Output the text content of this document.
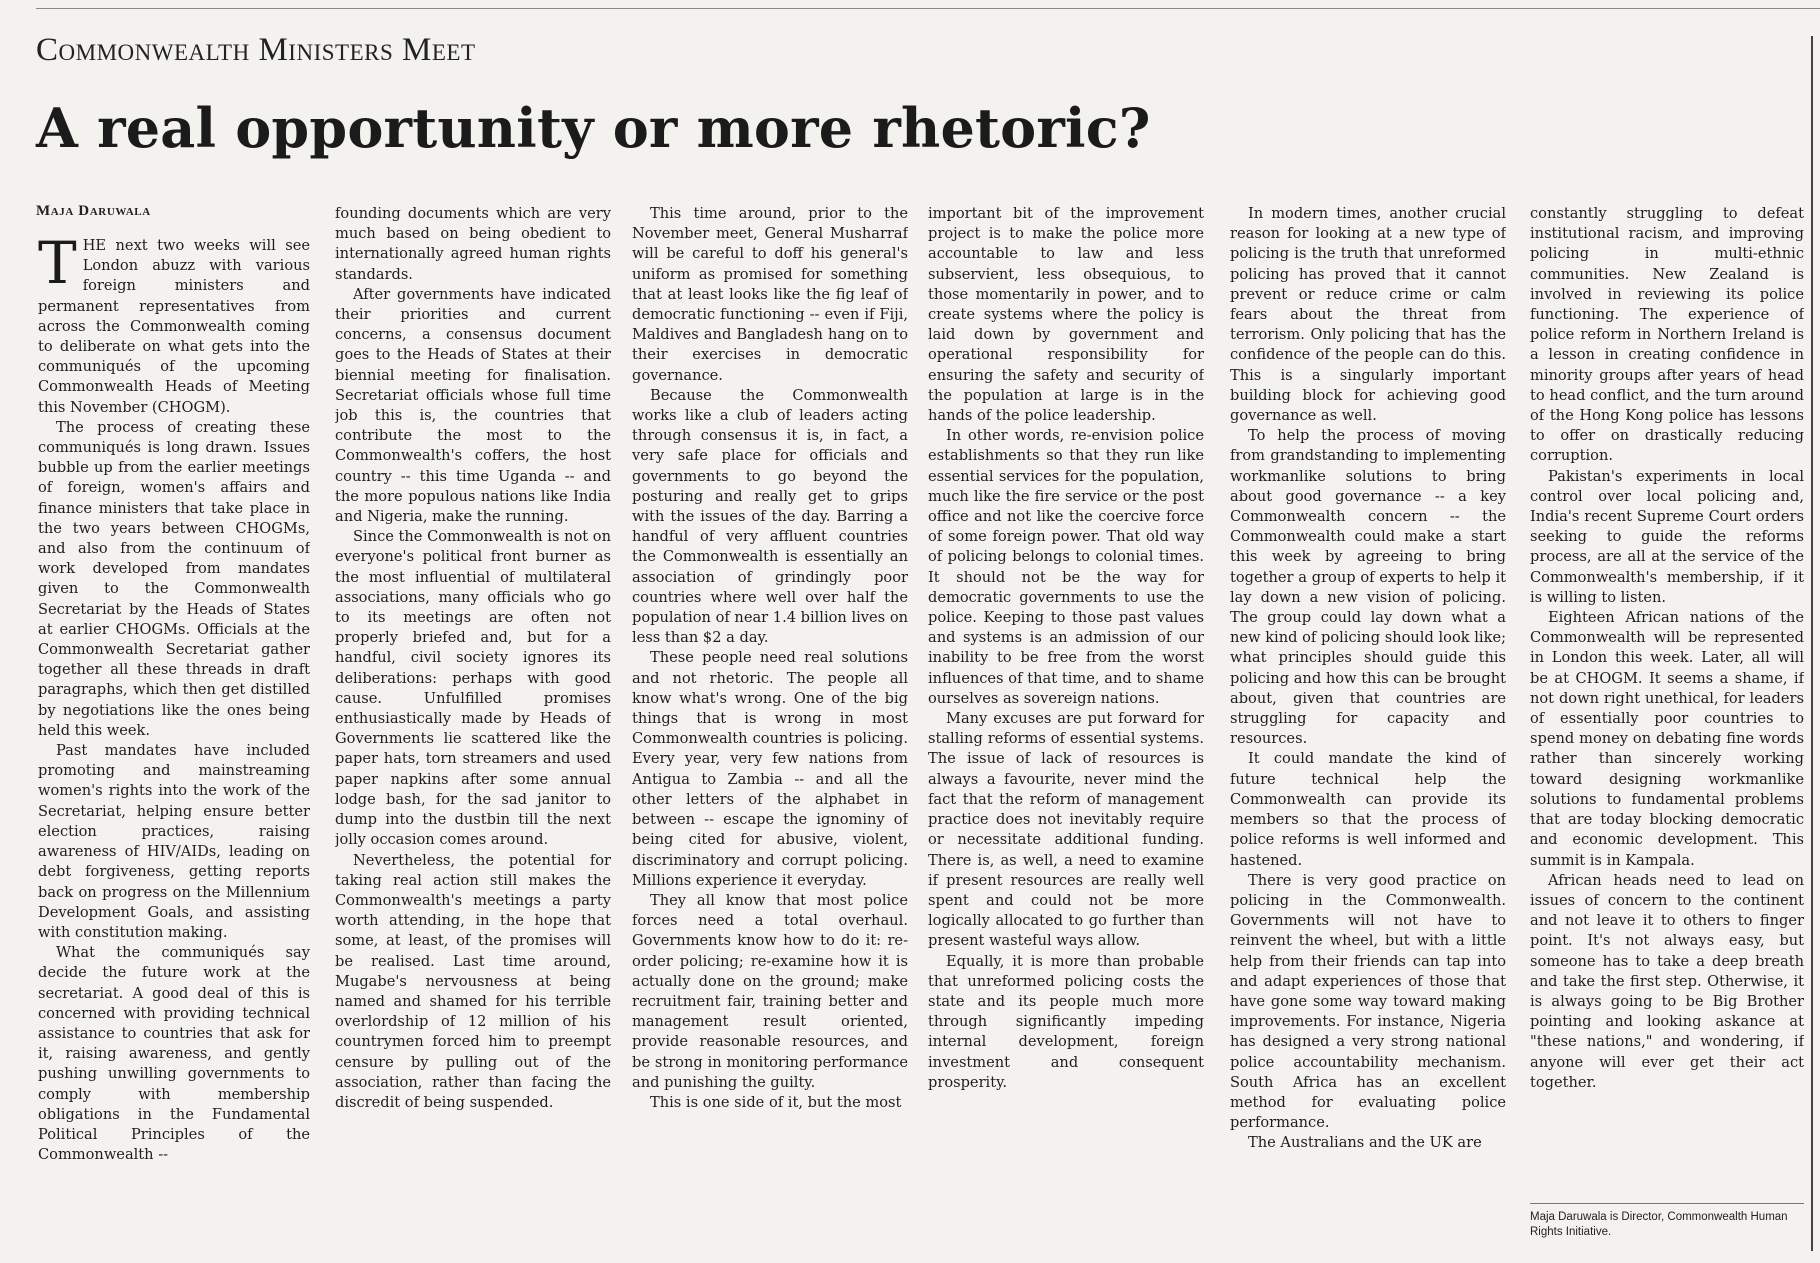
Commonwealth Ministers Meet
A real opportunity or more rhetoric?
Maja Daruwala

THE next two weeks will see London abuzz with various foreign ministers and permanent representatives from across the Commonwealth coming to deliberate on what gets into the communiqués of the upcoming Commonwealth Heads of Meeting this November (CHOGM).

The process of creating these communiqués is long drawn. Issues bubble up from the earlier meetings of foreign, women's affairs and finance ministers that take place in the two years between CHOGMs, and also from the continuum of work developed from mandates given to the Commonwealth Secretariat by the Heads of States at earlier CHOGMs. Officials at the Commonwealth Secretariat gather together all these threads in draft paragraphs, which then get distilled by negotiations like the ones being held this week.

Past mandates have included promoting and mainstreaming women's rights into the work of the Secretariat, helping ensure better election practices, raising awareness of HIV/AIDs, leading on debt forgiveness, getting reports back on progress on the Millennium Development Goals, and assisting with constitution making.

What the communiqués say decide the future work at the secretariat. A good deal of this is concerned with providing technical assistance to countries that ask for it, raising awareness, and gently pushing unwilling governments to comply with membership obligations in the Fundamental Political Principles of the Commonwealth --

founding documents which are very much based on being obedient to internationally agreed human rights standards.

After governments have indicated their priorities and current concerns, a consensus document goes to the Heads of States at their biennial meeting for finalisation. Secretariat officials whose full time job this is, the countries that contribute the most to the Commonwealth's coffers, the host country -- this time Uganda -- and the more populous nations like India and Nigeria, make the running.

Since the Commonwealth is not on everyone's political front burner as the most influential of multilateral associations, many officials who go to its meetings are often not properly briefed and, but for a handful, civil society ignores its deliberations: perhaps with good cause. Unfulfilled promises enthusiastically made by Heads of Governments lie scattered like the paper hats, torn streamers and used paper napkins after some annual lodge bash, for the sad janitor to dump into the dustbin till the next jolly occasion comes around.

Nevertheless, the potential for taking real action still makes the Commonwealth's meetings a party worth attending, in the hope that some, at least, of the promises will be realised. Last time around, Mugabe's nervousness at being named and shamed for his terrible overlordship of 12 million of his countrymen forced him to preempt censure by pulling out of the association, rather than facing the discredit of being suspended.

This time around, prior to the November meet, General Musharraf will be careful to doff his general's uniform as promised for something that at least looks like the fig leaf of democratic functioning -- even if Fiji, Maldives and Bangladesh hang on to their exercises in democratic governance.

Because the Commonwealth works like a club of leaders acting through consensus it is, in fact, a very safe place for officials and governments to go beyond the posturing and really get to grips with the issues of the day. Barring a handful of very affluent countries the Commonwealth is essentially an association of grindingly poor countries where well over half the population of near 1.4 billion lives on less than $2 a day.

These people need real solutions and not rhetoric. The people all know what's wrong. One of the big things that is wrong in most Commonwealth countries is policing. Every year, very few nations from Antigua to Zambia -- and all the other letters of the alphabet in between -- escape the ignominy of being cited for abusive, violent, discriminatory and corrupt policing. Millions experience it everyday.

They all know that most police forces need a total overhaul. Governments know how to do it: re-order policing; re-examine how it is actually done on the ground; make recruitment fair, training better and management result oriented, provide reasonable resources, and be strong in monitoring performance and punishing the guilty.

This is one side of it, but the most

important bit of the improvement project is to make the police more accountable to law and less subservient, less obsequious, to those momentarily in power, and to create systems where the policy is laid down by government and operational responsibility for ensuring the safety and security of the population at large is in the hands of the police leadership.

In other words, re-envision police establishments so that they run like essential services for the population, much like the fire service or the post office and not like the coercive force of some foreign power. That old way of policing belongs to colonial times. It should not be the way for democratic governments to use the police. Keeping to those past values and systems is an admission of our inability to be free from the worst influences of that time, and to shame ourselves as sovereign nations.

Many excuses are put forward for stalling reforms of essential systems. The issue of lack of resources is always a favourite, never mind the fact that the reform of management practice does not inevitably require or necessitate additional funding. There is, as well, a need to examine if present resources are really well spent and could not be more logically allocated to go further than present wasteful ways allow.

Equally, it is more than probable that unreformed policing costs the state and its people much more through significantly impeding internal development, foreign investment and consequent prosperity.

In modern times, another crucial reason for looking at a new type of policing is the truth that unreformed policing has proved that it cannot prevent or reduce crime or calm fears about the threat from terrorism. Only policing that has the confidence of the people can do this. This is a singularly important building block for achieving good governance as well.

To help the process of moving from grandstanding to implementing workmanlike solutions to bring about good governance -- a key Commonwealth concern -- the Commonwealth could make a start this week by agreeing to bring together a group of experts to help it lay down a new vision of policing. The group could lay down what a new kind of policing should look like; what principles should guide this policing and how this can be brought about, given that countries are struggling for capacity and resources.

It could mandate the kind of future technical help the Commonwealth can provide its members so that the process of police reforms is well informed and hastened.

There is very good practice on policing in the Commonwealth. Governments will not have to reinvent the wheel, but with a little help from their friends can tap into and adapt experiences of those that have gone some way toward making improvements. For instance, Nigeria has designed a very strong national police accountability mechanism. South Africa has an excellent method for evaluating police performance.

The Australians and the UK are

constantly struggling to defeat institutional racism, and improving policing in multi-ethnic communities. New Zealand is involved in reviewing its police functioning. The experience of police reform in Northern Ireland is a lesson in creating confidence in minority groups after years of head to head conflict, and the turn around of the Hong Kong police has lessons to offer on drastically reducing corruption.

Pakistan's experiments in local control over local policing and, India's recent Supreme Court orders seeking to guide the reforms process, are all at the service of the Commonwealth's membership, if it is willing to listen.

Eighteen African nations of the Commonwealth will be represented in London this week. Later, all will be at CHOGM. It seems a shame, if not down right unethical, for leaders of essentially poor countries to spend money on debating fine words rather than sincerely working toward designing workmanlike solutions to fundamental problems that are today blocking democratic and economic development. This summit is in Kampala.

African heads need to lead on issues of concern to the continent and not leave it to others to finger point. It's not always easy, but someone has to take a deep breath and take the first step. Otherwise, it is always going to be Big Brother pointing and looking askance at "these nations," and wondering, if anyone will ever get their act together.

Maja Daruwala is Director, Commonwealth Human Rights Initiative.
